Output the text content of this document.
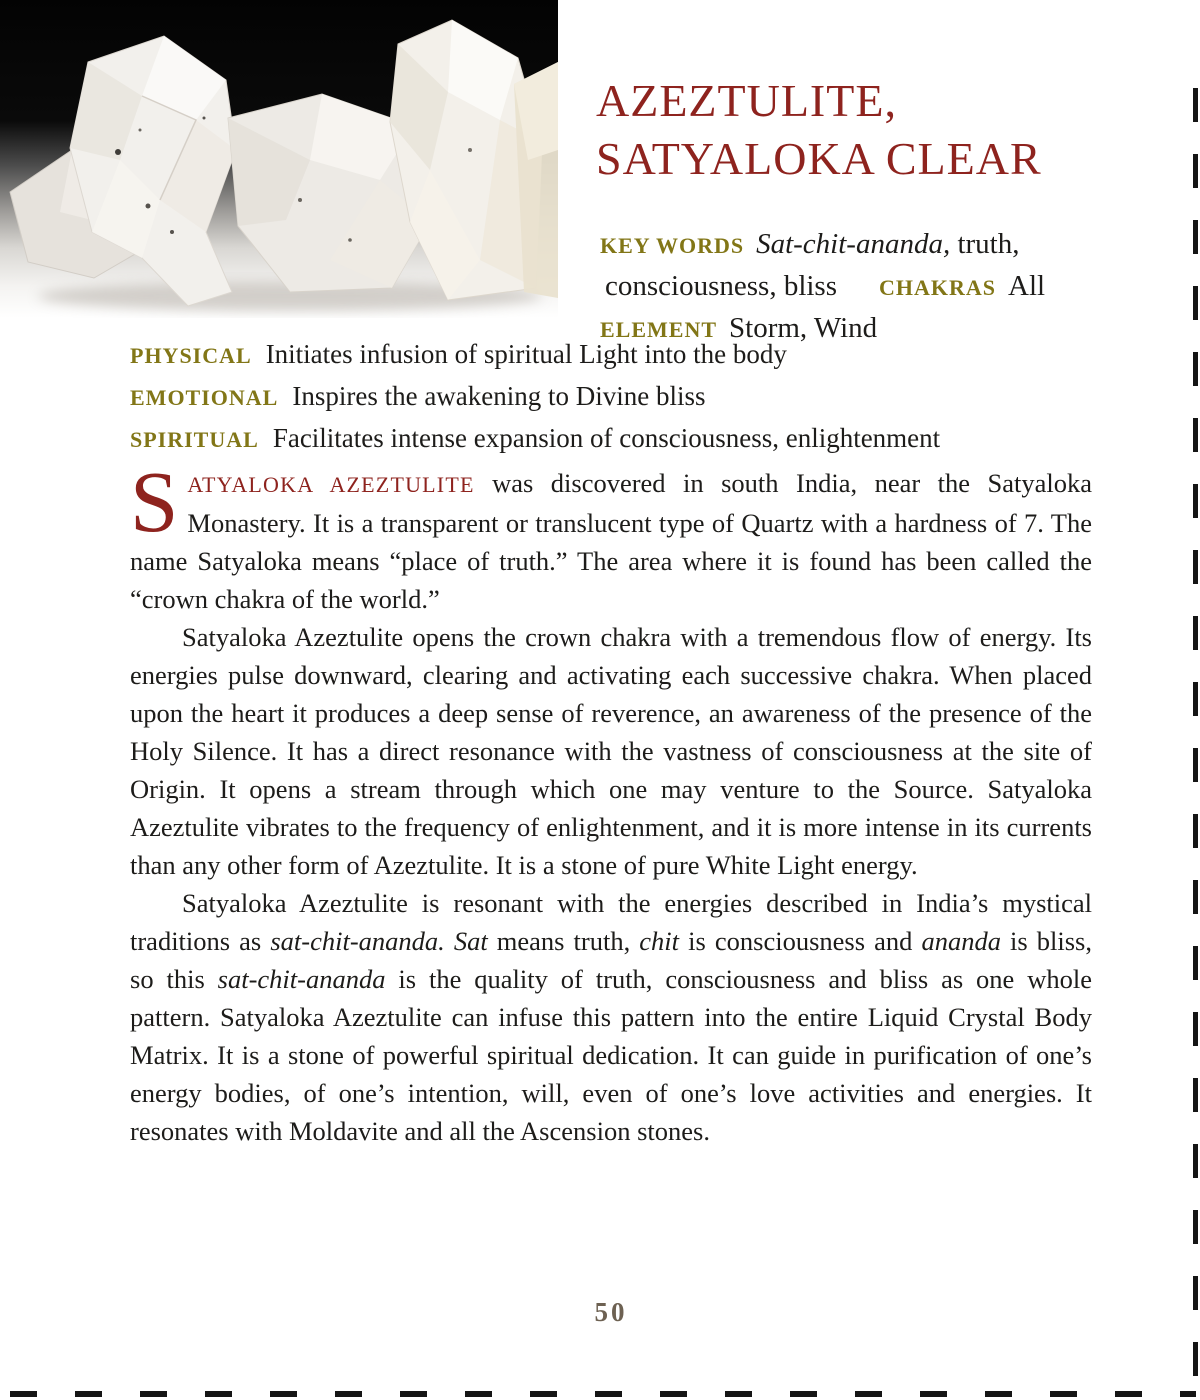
AZEZTULITE,
SATYALOKA CLEAR
KEY WORDS Sat-chit-ananda, truth,
consciousness, bliss CHAKRAS All
ELEMENT Storm, Wind
PHYSICAL Initiates infusion of spiritual Light into the body
EMOTIONAL Inspires the awakening to Divine bliss
SPIRITUAL Facilitates intense expansion of consciousness, enlightenment

SATYALOKA AZEZTULITE was discovered in south India, near the Satyaloka Monastery. It is a transparent or translucent type of Quartz with a hardness of 7. The name Satyaloka means “place of truth.” The area where it is found has been called the “crown chakra of the world.”

Satyaloka Azeztulite opens the crown chakra with a tremendous flow of energy. Its energies pulse downward, clearing and activating each successive chakra. When placed upon the heart it produces a deep sense of reverence, an awareness of the presence of the Holy Silence. It has a direct resonance with the vastness of consciousness at the site of Origin. It opens a stream through which one may venture to the Source. Satyaloka Azeztulite vibrates to the frequency of enlightenment, and it is more intense in its currents than any other form of Azeztulite. It is a stone of pure White Light energy.

Satyaloka Azeztulite is resonant with the energies described in India’s mystical traditions as sat-chit-ananda. Sat means truth, chit is consciousness and ananda is bliss, so this sat-chit-ananda is the quality of truth, consciousness and bliss as one whole pattern. Satyaloka Azeztulite can infuse this pattern into the entire Liquid Crystal Body Matrix. It is a stone of powerful spiritual dedication. It can guide in purification of one’s energy bodies, of one’s intention, will, even of one’s love activities and energies. It resonates with Moldavite and all the Ascension stones.

50
